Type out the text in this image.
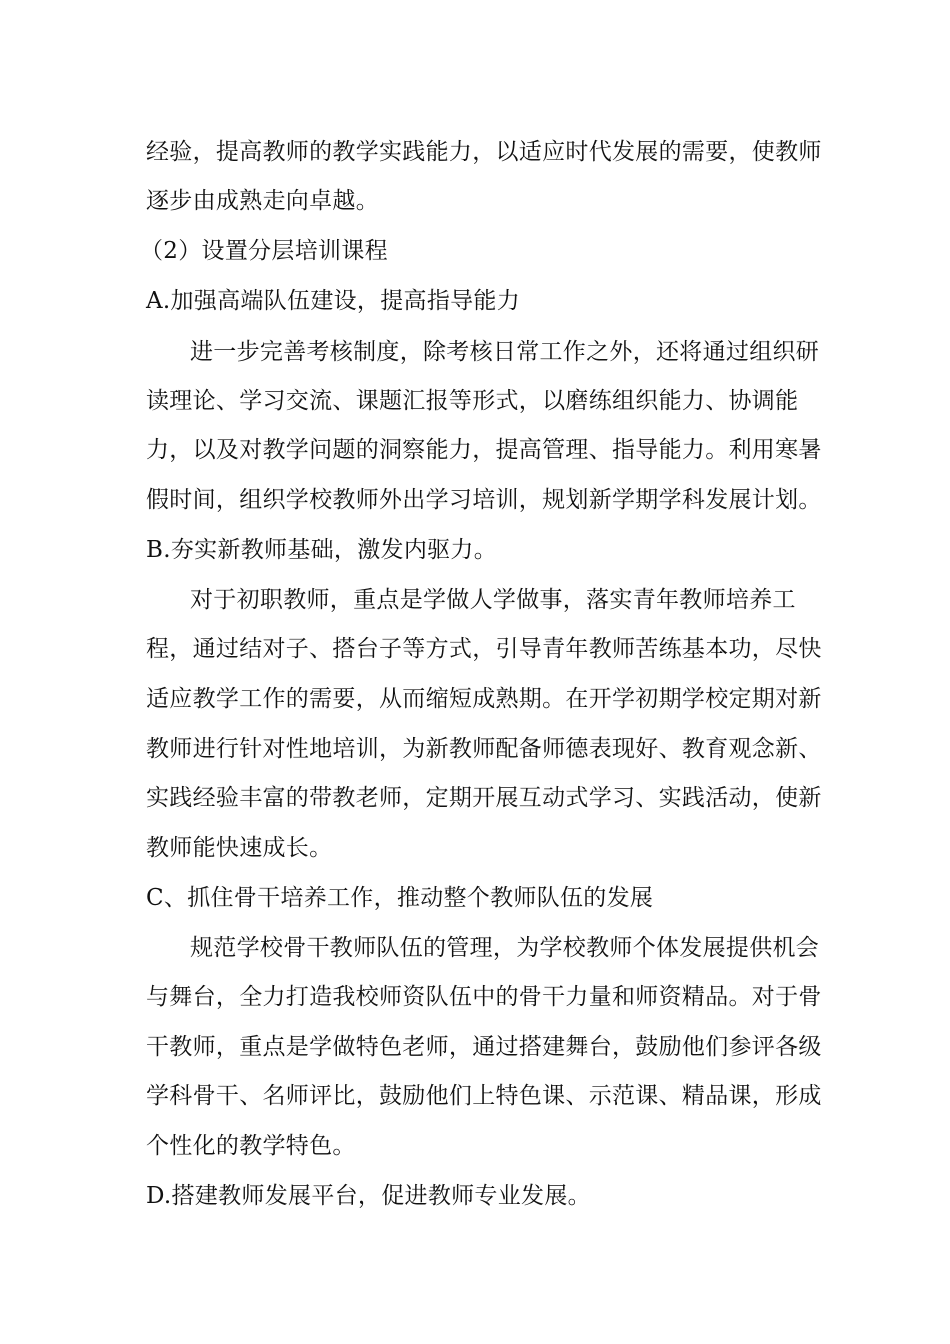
经验，提高教师的教学实践能力，以适应时代发展的需要，使教师
逐步由成熟走向卓越。
（2）设置分层培训课程
A.加强高端队伍建设，提高指导能力
进一步完善考核制度，除考核日常工作之外，还将通过组织研
读理论、学习交流、课题汇报等形式，以磨练组织能力、协调能
力，以及对教学问题的洞察能力，提高管理、指导能力。利用寒暑
假时间，组织学校教师外出学习培训，规划新学期学科发展计划。
B.夯实新教师基础，激发内驱力。
对于初职教师，重点是学做人学做事，落实青年教师培养工
程，通过结对子、搭台子等方式，引导青年教师苦练基本功，尽快
适应教学工作的需要，从而缩短成熟期。在开学初期学校定期对新
教师进行针对性地培训，为新教师配备师德表现好、教育观念新、
实践经验丰富的带教老师，定期开展互动式学习、实践活动，使新
教师能快速成长。
C、抓住骨干培养工作，推动整个教师队伍的发展
规范学校骨干教师队伍的管理，为学校教师个体发展提供机会
与舞台，全力打造我校师资队伍中的骨干力量和师资精品。对于骨
干教师，重点是学做特色老师，通过搭建舞台，鼓励他们参评各级
学科骨干、名师评比，鼓励他们上特色课、示范课、精品课，形成
个性化的教学特色。
D.搭建教师发展平台，促进教师专业发展。
